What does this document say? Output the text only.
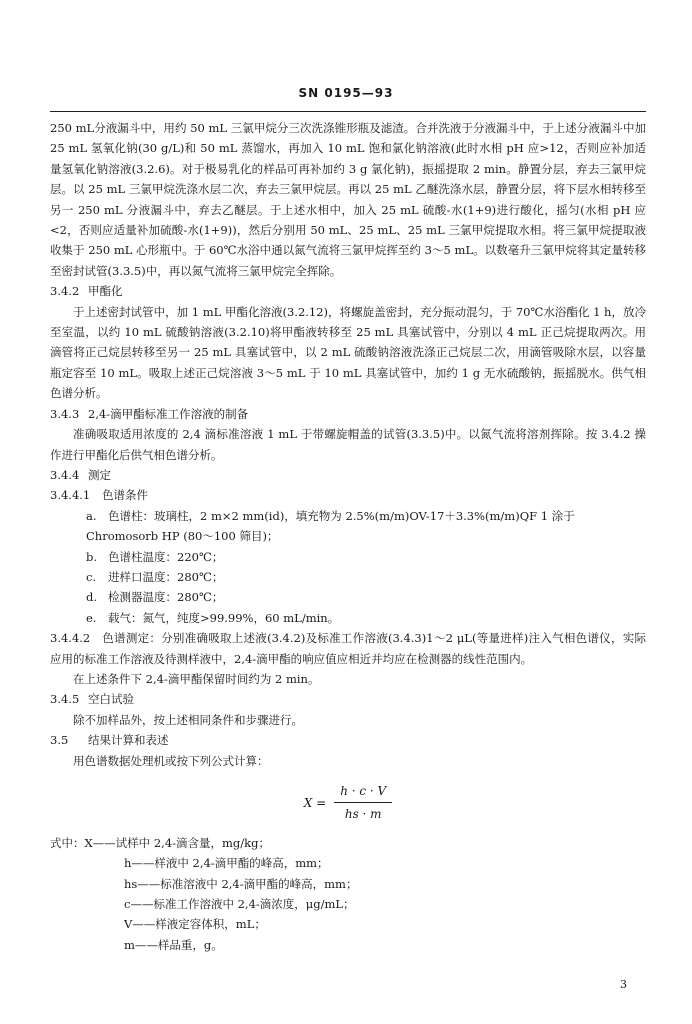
SN 0195—93

250 mL分液漏斗中，用约 50 mL 三氯甲烷分三次洗涤锥形瓶及滤渣。合并洗液于分液漏斗中，于上述分液漏斗中加 25 mL 氢氧化钠(30 g/L)和 50 mL 蒸馏水，再加入 10 mL 饱和氯化钠溶液(此时水相 pH 应>12，否则应补加适量氢氧化钠溶液(3.2.6)。对于极易乳化的样品可再补加约 3 g 氯化钠)，振摇提取 2 min。静置分层，弃去三氯甲烷层。以 25 mL 三氯甲烷洗涤水层二次，弃去三氯甲烷层。再以 25 mL 乙醚洗涤水层，静置分层，将下层水相转移至另一 250 mL 分液漏斗中，弃去乙醚层。于上述水相中，加入 25 mL 硫酸-水(1+9)进行酸化，摇匀(水相 pH 应<2，否则应适量补加硫酸-水(1+9))，然后分别用 50 mL、25 mL、25 mL 三氯甲烷提取水相。将三氯甲烷提取液收集于 250 mL 心形瓶中。于 60℃水浴中通以氮气流将三氯甲烷挥至约 3～5 mL。以数毫升三氯甲烷将其定量转移至密封试管(3.3.5)中，再以氮气流将三氯甲烷完全挥除。

3.4.2 甲酯化

于上述密封试管中，加 1 mL 甲酯化溶液(3.2.12)，将螺旋盖密封，充分振动混匀，于 70℃水浴酯化 1 h，放冷至室温，以约 10 mL 硫酸钠溶液(3.2.10)将甲酯液转移至 25 mL 具塞试管中，分别以 4 mL 正己烷提取两次。用滴管将正己烷层转移至另一 25 mL 具塞试管中，以 2 mL 硫酸钠溶液洗涤正己烷层二次，用滴管吸除水层，以容量瓶定容至 10 mL。吸取上述正己烷溶液 3～5 mL 于 10 mL 具塞试管中，加约 1 g 无水硫酸钠，振摇脱水。供气相色谱分析。

3.4.3 2,4-滴甲酯标准工作溶液的制备

准确吸取适用浓度的 2,4 滴标准溶液 1 mL 于带螺旋帽盖的试管(3.3.5)中。以氮气流将溶剂挥除。按 3.4.2 操作进行甲酯化后供气相色谱分析。

3.4.4 测定

3.4.4.1 色谱条件

a. 色谱柱：玻璃柱，2 m×2 mm(id)，填充物为 2.5%(m/m)OV-17＋3.3%(m/m)QF 1 涂于 Chromosorb HP (80～100 筛目)；

b. 色谱柱温度：220℃；

c. 进样口温度：280℃；

d. 检测器温度：280℃；

e. 载气：氮气，纯度>99.99%，60 mL/min。

3.4.4.2 色谱测定：分别准确吸取上述液(3.4.2)及标准工作溶液(3.4.3)1～2 μL(等量进样)注入气相色谱仪，实际应用的标准工作溶液及待测样液中，2,4-滴甲酯的响应值应相近并均应在检测器的线性范围内。

在上述条件下 2,4-滴甲酯保留时间约为 2 min。

3.4.5 空白试验

除不加样品外，按上述相同条件和步骤进行。

3.5 结果计算和表述

用色谱数据处理机或按下列公式计算：

$X = \frac{h \cdot c \cdot V}{hs \cdot m}$

式中：X——试样中 2,4-滴含量，mg/kg；

h——样液中 2,4-滴甲酯的峰高，mm；

hs——标准溶液中 2,4-滴甲酯的峰高，mm；

c——标准工作溶液中 2,4-滴浓度，μg/mL；

V——样液定容体积，mL；

m——样品重，g。

3
